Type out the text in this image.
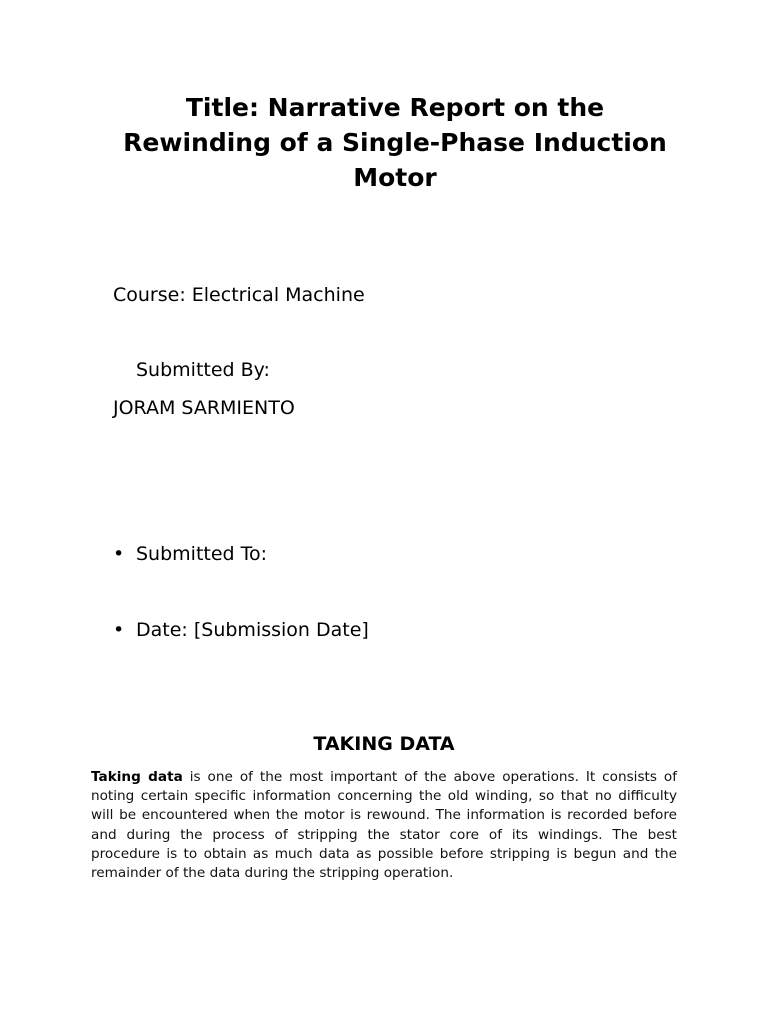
Title: Narrative Report on the
Rewinding of a Single-Phase Induction
Motor

Course: Electrical Machine

Submitted By:

JORAM SARMIENTO

• Submitted To:

• Date: [Submission Date]

TAKING DATA

Taking data is one of the most important of the above operations. It consists of noting certain specific information concerning the old winding, so that no difficulty will be encountered when the motor is rewound. The information is recorded before and during the process of stripping the stator core of its windings. The best procedure is to obtain as much data as possible before stripping is begun and the remainder of the data during the stripping operation.
